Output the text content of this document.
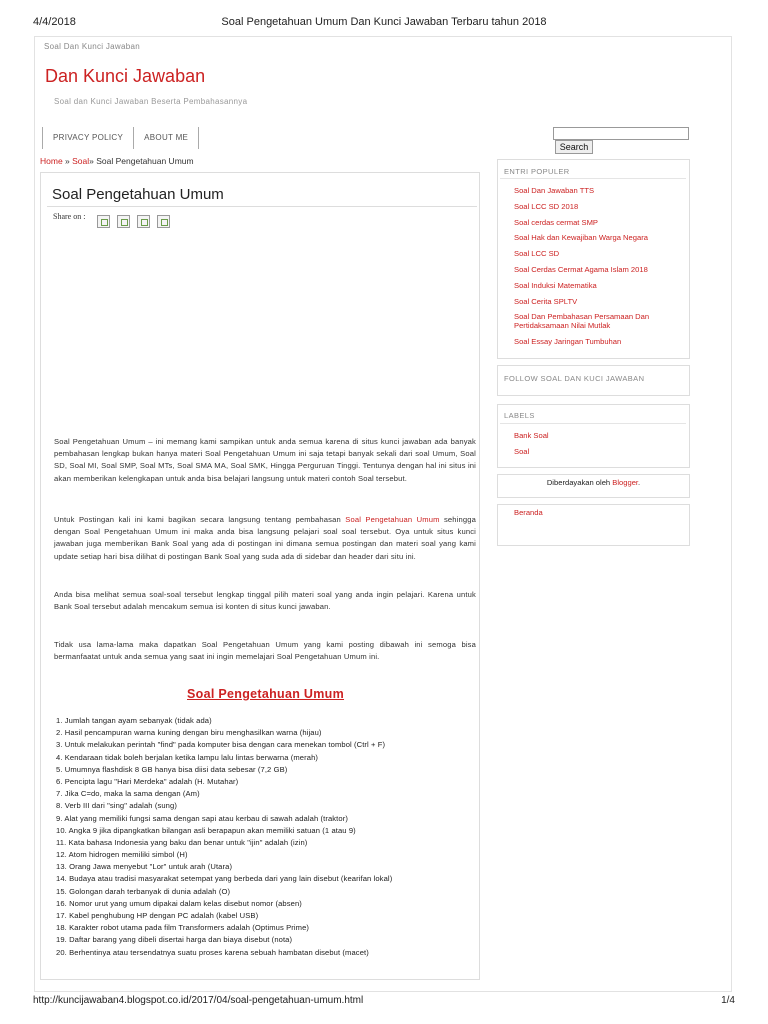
4/4/2018	Soal Pengetahuan Umum Dan Kunci Jawaban Terbaru tahun 2018
Soal Dan Kunci Jawaban
Dan Kunci Jawaban
Soal dan Kunci Jawaban Beserta Pembahasannya
PRIVACY POLICY	ABOUT ME
Search
Home » Soal» Soal Pengetahuan Umum
Soal Pengetahuan Umum
Share on :
Soal Pengetahuan Umum – ini memang kami sampikan untuk anda semua karena di situs kunci jawaban ada banyak pembahasan lengkap bukan hanya materi Soal Pengetahuan Umum ini saja tetapi banyak sekali dari soal Umum, Soal SD, Soal MI, Soal SMP, Soal MTs, Soal SMA MA, Soal SMK, Hingga Perguruan Tinggi. Tentunya dengan hal ini situs ini akan memberikan kelengkapan untuk anda bisa belajari langsung untuk materi contoh Soal tersebut.
Untuk Postingan kali ini kami bagikan secara langsung tentang pembahasan Soal Pengetahuan Umum sehingga dengan Soal Pengetahuan Umum ini maka anda bisa langsung pelajari soal soal tersebut. Oya untuk situs kunci jawaban juga memberikan Bank Soal yang ada di postingan ini dimana semua postingan dan materi soal yang kami update setiap hari bisa dilihat di postingan Bank Soal yang suda ada di sidebar dan header dari situ ini.
Anda bisa melihat semua soal-soal tersebut lengkap tinggal pilih materi soal yang anda ingin pelajari. Karena untuk Bank Soal tersebut adalah mencakum semua isi konten di situs kunci jawaban.
Tidak usa lama-lama maka dapatkan Soal Pengetahuan Umum yang kami posting dibawah ini semoga bisa bermanfaatat untuk anda semua yang saat ini ingin memelajari Soal Pengetahuan Umum ini.
Soal Pengetahuan Umum
1. Jumlah tangan ayam sebanyak (tidak ada)
2. Hasil pencampuran warna kuning dengan biru menghasilkan warna (hijau)
3. Untuk melakukan perintah "find" pada komputer bisa dengan cara menekan tombol (Ctrl + F)
4. Kendaraan tidak boleh berjalan ketika lampu lalu lintas berwarna (merah)
5. Umumnya flashdisk 8 GB hanya bisa diisi data sebesar (7,2 GB)
6. Pencipta lagu "Hari Merdeka" adalah (H. Mutahar)
7. Jika C=do, maka la sama dengan (Am)
8. Verb III dari "sing" adalah (sung)
9. Alat yang memiliki fungsi sama dengan sapi atau kerbau di sawah adalah (traktor)
10. Angka 9 jika dipangkatkan bilangan asli berapapun akan memiliki satuan (1 atau 9)
11. Kata bahasa Indonesia yang baku dan benar untuk "ijin" adalah (izin)
12. Atom hidrogen memiliki simbol (H)
13. Orang Jawa menyebut "Lor" untuk arah (Utara)
14. Budaya atau tradisi masyarakat setempat yang berbeda dari yang lain disebut (kearifan lokal)
15. Golongan darah terbanyak di dunia adalah (O)
16. Nomor urut yang umum dipakai dalam kelas disebut nomor (absen)
17. Kabel penghubung HP dengan PC adalah (kabel USB)
18. Karakter robot utama pada film Transformers adalah (Optimus Prime)
19. Daftar barang yang dibeli disertai harga dan biaya disebut (nota)
20. Berhentinya atau tersendatnya suatu proses karena sebuah hambatan disebut (macet)
ENTRI POPULER
Soal Dan Jawaban TTS
Soal LCC SD 2018
Soal cerdas cermat SMP
Soal Hak dan Kewajiban Warga Negara
Soal LCC SD
Soal Cerdas Cermat Agama Islam 2018
Soal Induksi Matematika
Soal Cerita SPLTV
Soal Dan Pembahasan Persamaan Dan Pertidaksamaan Nilai Mutlak
Soal Essay Jaringan Tumbuhan
FOLLOW SOAL DAN KUCI JAWABAN
LABELS
Bank Soal
Soal
Diberdayakan oleh Blogger.
Beranda
http://kuncijawaban4.blogspot.co.id/2017/04/soal-pengetahuan-umum.html	1/4
